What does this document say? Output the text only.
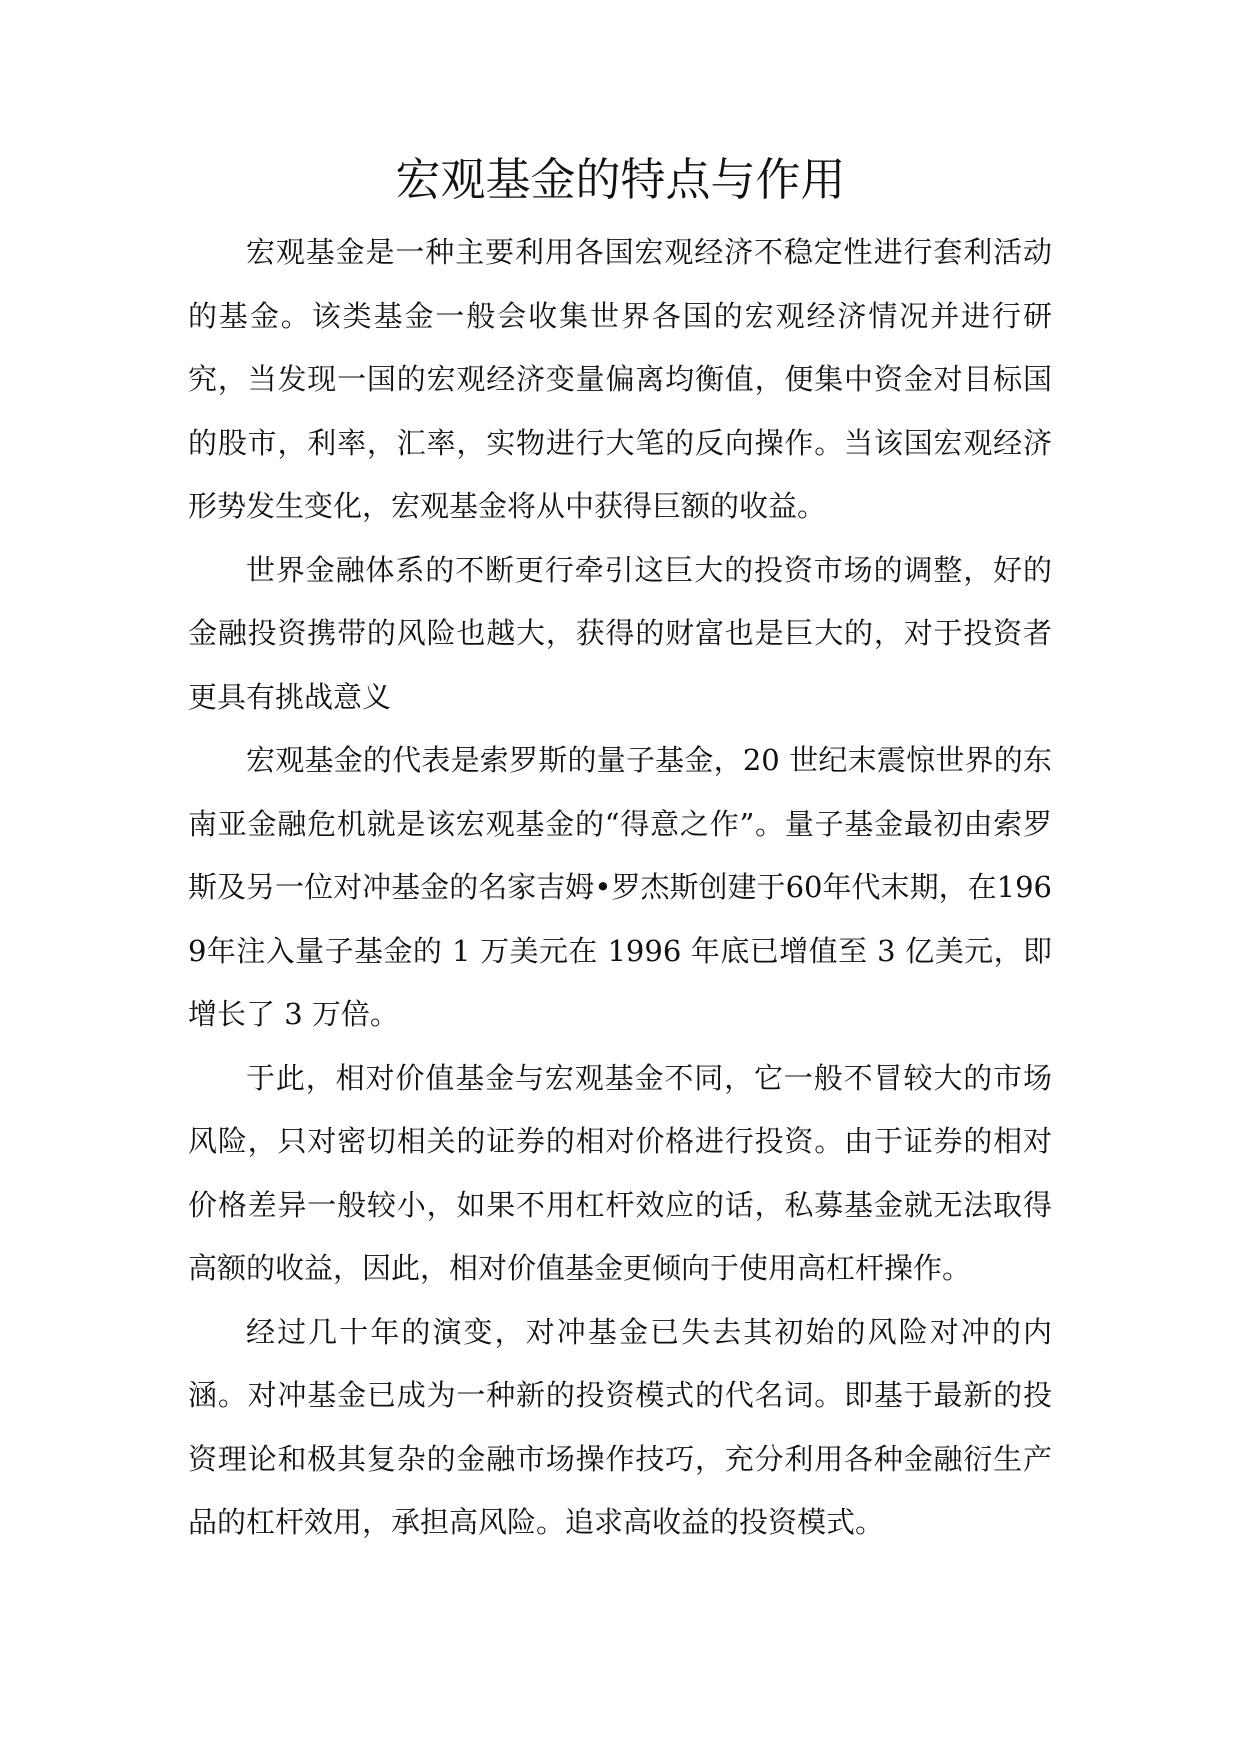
宏观基金的特点与作用

宏观基金是一种主要利用各国宏观经济不稳定性进行套利活动的基金。该类基金一般会收集世界各国的宏观经济情况并进行研究，当发现一国的宏观经济变量偏离均衡值，便集中资金对目标国的股市，利率，汇率，实物进行大笔的反向操作。当该国宏观经济形势发生变化，宏观基金将从中获得巨额的收益。

世界金融体系的不断更行牵引这巨大的投资市场的调整，好的金融投资携带的风险也越大，获得的财富也是巨大的，对于投资者更具有挑战意义

宏观基金的代表是索罗斯的量子基金，20 世纪末震惊世界的东南亚金融危机就是该宏观基金的“得意之作”。量子基金最初由索罗斯及另一位对冲基金的名家吉姆•罗杰斯创建于60年代末期，在1969年注入量子基金的 1 万美元在 1996 年底已增值至 3 亿美元，即增长了 3 万倍。

于此，相对价值基金与宏观基金不同，它一般不冒较大的市场风险，只对密切相关的证券的相对价格进行投资。由于证券的相对价格差异一般较小，如果不用杠杆效应的话，私募基金就无法取得高额的收益，因此，相对价值基金更倾向于使用高杠杆操作。

经过几十年的演变，对冲基金已失去其初始的风险对冲的内涵。对冲基金已成为一种新的投资模式的代名词。即基于最新的投资理论和极其复杂的金融市场操作技巧，充分利用各种金融衍生产品的杠杆效用，承担高风险。追求高收益的投资模式。
